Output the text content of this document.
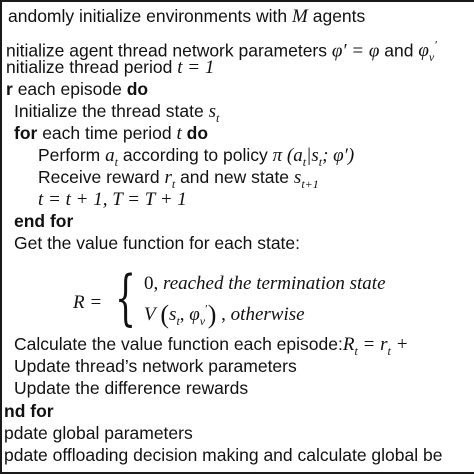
andomly initialize environments with M agents
nitialize agent thread network parameters φ′ = φ and $\varphi_v'$
nitialize thread period t = 1
r each episode do
Initialize the thread state $s_t$
for each time period t do
Perform $a_t$ according to policy π ($a_t|s_t$; φ′)
Receive reward $r_t$ and new state $s_{t+1}$
t = t + 1, T = T + 1
end for
Get the value function for each state:
R = { 0, reached the termination state
V ($s_t$, $\varphi_v'$) , otherwise
Calculate the value function each $episode:R_t = r_t$ +
Update thread’s network parameters
Update the difference rewards
nd for
pdate global parameters
pdate offloading decision making and calculate global be
